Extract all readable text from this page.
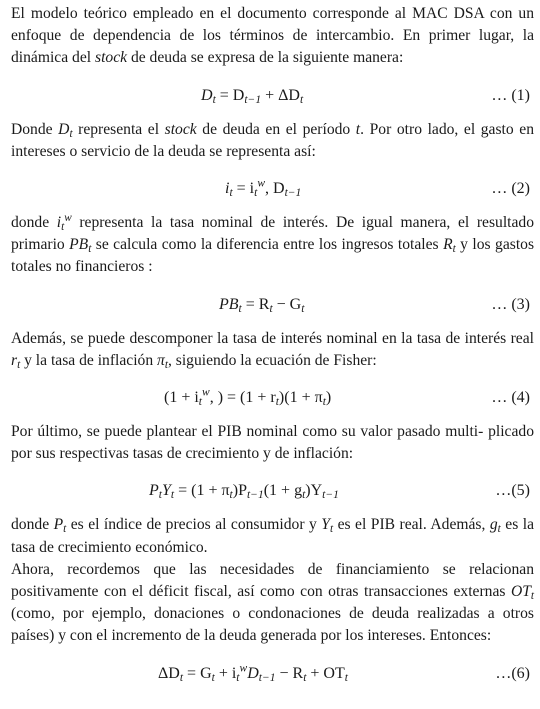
El modelo teórico empleado en el documento corresponde al MAC DSA con un enfoque de dependencia de los términos de intercambio. En primer lugar, la dinámica del stock de deuda se expresa de la siguiente manera:

$D_t = D_{t-1} + \Delta D_t$	… (1)

Donde $D_t$ representa el stock de deuda en el período t. Por otro lado, el gasto en intereses o servicio de la deuda se representa así:

$i_t = i_t^w$, $D_{t-1}$	… (2)

donde $i_t^w$ representa la tasa nominal de interés. De igual manera, el resultado primario $PB_t$ se calcula como la diferencia entre los ingresos totales $R_t$ y los gastos totales no financieros :

$PB_t = R_t - G_t$	… (3)

Además, se puede descomponer la tasa de interés nominal en la tasa de interés real $r_t$ y la tasa de inflación $\pi_t$, siguiendo la ecuación de Fisher:

($1 + i_t^w$, ) = $(1 + r_t)(1 + \pi_t)$	… (4)

Por último, se puede plantear el PIB nominal como su valor pasado multi- plicado por sus respectivas tasas de crecimiento y de inflación:

$P_tY_t = (1 + \pi_t)P_{t-1}(1 + g_t)Y_{t-1}$	…(5)

donde $P_t$ es el índice de precios al consumidor y $Y_t$ es el PIB real. Además, $g_t$ es la tasa de crecimiento económico.

Ahora, recordemos que las necesidades de financiamiento se relacionan positivamente con el déficit fiscal, así como con otras transacciones externas $OT_t$ (como, por ejemplo, donaciones o condonaciones de deuda realizadas a otros países) y con el incremento de la deuda generada por los intereses. Entonces:

$\Delta D_t = G_t + i_t^wD_{t-1} - R_t + OT_t$	…(6)
